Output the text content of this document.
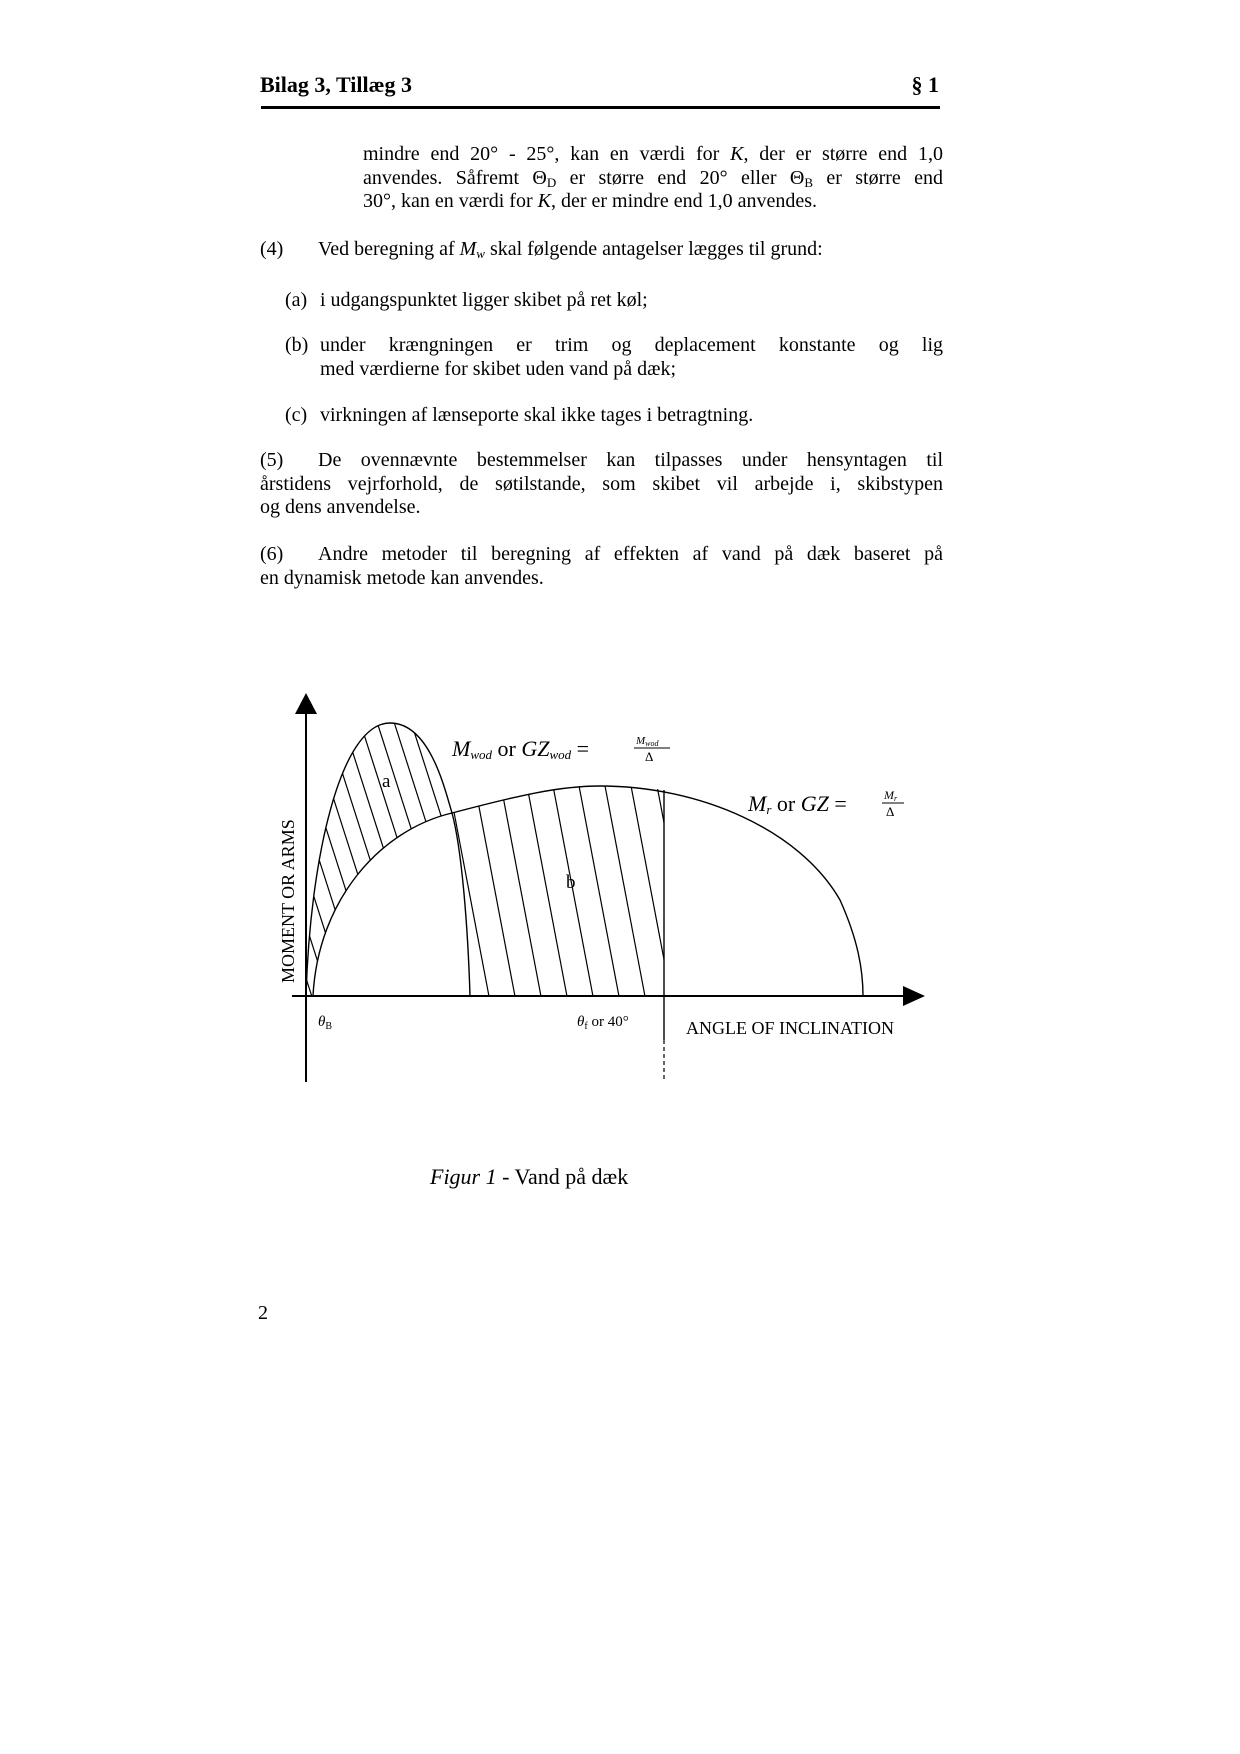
Bilag 3, Tillæg 3	§ 1
mindre end 20° - 25°, kan en værdi for K, der er større end 1,0
anvendes. Såfremt $\Theta_D$ er større end 20° eller $\Theta_B$ er større end
30°, kan en værdi for K, der er mindre end 1,0 anvendes.
(4) Ved beregning af $M_w$ skal følgende antagelser lægges til grund:
(a) i udgangspunktet ligger skibet på ret køl;
(b) under krængningen er trim og deplacement konstante og lig
med værdierne for skibet uden vand på dæk;
(c) virkningen af lænseporte skal ikke tages i betragtning.
(5) De ovennævnte bestemmelser kan tilpasses under hensyntagen til
årstidens vejrforhold, de søtilstande, som skibet vil arbejde i, skibstypen
og dens anvendelse.
(6) Andre metoder til beregning af effekten af vand på dæk baseret på
en dynamisk metode kan anvendes.
MOMENT OR ARMS
ANGLE OF INCLINATION
a
b
$\theta_B$	$\theta_f$ or 40°
Mwod or GZwod =	Mwod
Δ
Mr or GZ =	Mr
Δ
Figur 1 - Vand på dæk
2
